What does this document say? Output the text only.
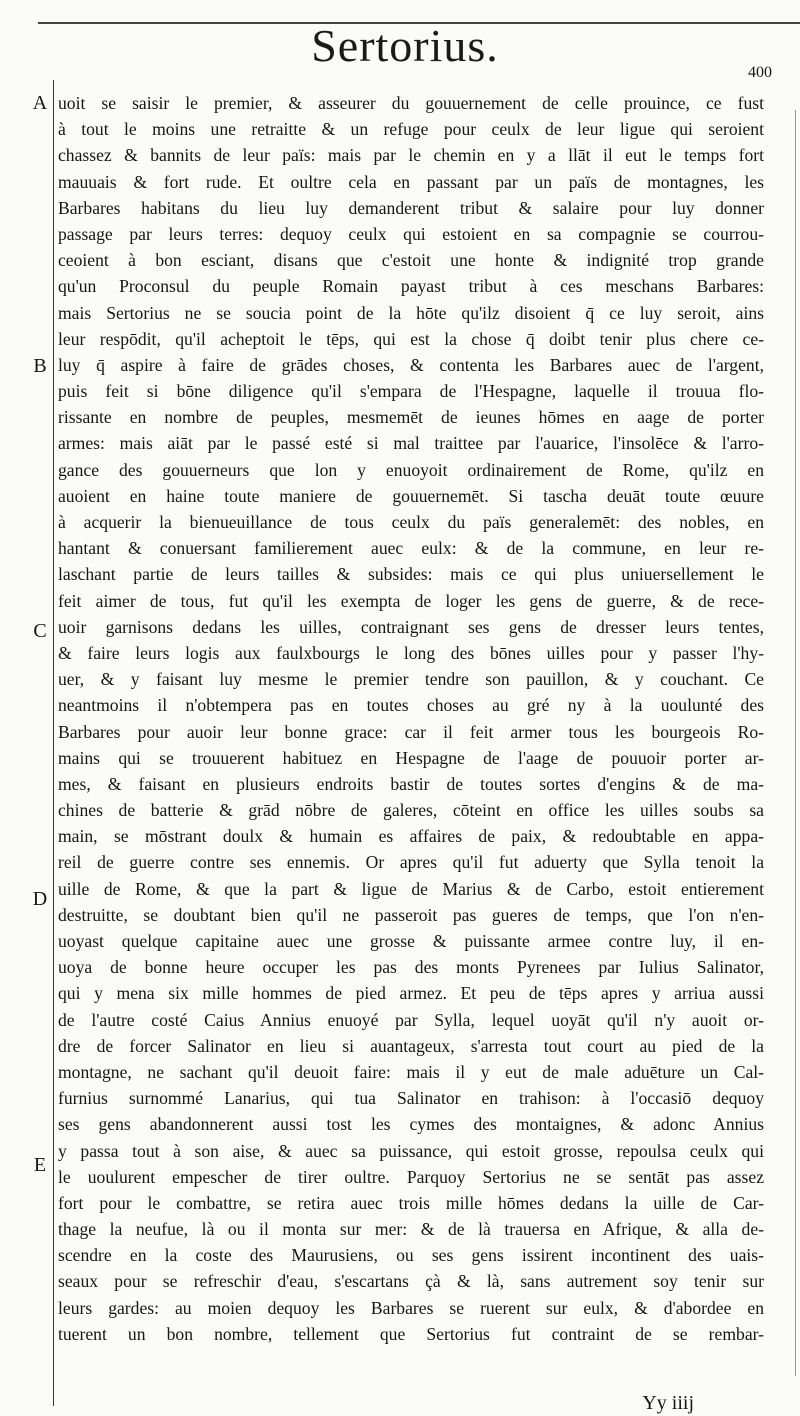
Sertorius.
400
A
B
C
D
E
uoit se saisir le premier, & asseurer du gouuernement de celle prouince, ce fust
à tout le moins une retraitte & un refuge pour ceulx de leur ligue qui seroient
chassez & bannits de leur païs: mais par le chemin en y a llāt il eut le temps fort
mauuais & fort rude. Et oultre cela en passant par un païs de montagnes, les
Barbares habitans du lieu luy demanderent tribut & salaire pour luy donner
passage par leurs terres: dequoy ceulx qui estoient en sa compagnie se courrou-
ceoient à bon esciant, disans que c'estoit une honte & indignité trop grande
qu'un Proconsul du peuple Romain payast tribut à ces meschans Barbares:
mais Sertorius ne se soucia point de la hōte qu'ilz disoient q̄ ce luy seroit, ains
leur respōdit, qu'il acheptoit le tēps, qui est la chose q̄ doibt tenir plus chere ce-
luy q̄ aspire à faire de grādes choses, & contenta les Barbares auec de l'argent,
puis feit si bōne diligence qu'il s'empara de l'Hespagne, laquelle il trouua flo-
rissante en nombre de peuples, mesmemēt de ieunes hōmes en aage de porter
armes: mais aiāt par le passé esté si mal traittee par l'auarice, l'insolēce & l'arro-
gance des gouuerneurs que lon y enuoyoit ordinairement de Rome, qu'ilz en
auoient en haine toute maniere de gouuernemēt. Si tascha deuāt toute œuure
à acquerir la bienueuillance de tous ceulx du païs generalemēt: des nobles, en
hantant & conuersant familierement auec eulx: & de la commune, en leur re-
laschant partie de leurs tailles & subsides: mais ce qui plus uniuersellement le
feit aimer de tous, fut qu'il les exempta de loger les gens de guerre, & de rece-
uoir garnisons dedans les uilles, contraignant ses gens de dresser leurs tentes,
& faire leurs logis aux faulxbourgs le long des bōnes uilles pour y passer l'hy-
uer, & y faisant luy mesme le premier tendre son pauillon, & y couchant. Ce
neantmoins il n'obtempera pas en toutes choses au gré ny à la uoulunté des
Barbares pour auoir leur bonne grace: car il feit armer tous les bourgeois Ro-
mains qui se trouuerent habituez en Hespagne de l'aage de pouuoir porter ar-
mes, & faisant en plusieurs endroits bastir de toutes sortes d'engins & de ma-
chines de batterie & grād nōbre de galeres, cōteint en office les uilles soubs sa
main, se mōstrant doulx & humain es affaires de paix, & redoubtable en appa-
reil de guerre contre ses ennemis. Or apres qu'il fut aduerty que Sylla tenoit la
uille de Rome, & que la part & ligue de Marius & de Carbo, estoit entierement
destruitte, se doubtant bien qu'il ne passeroit pas gueres de temps, que l'on n'en-
uoyast quelque capitaine auec une grosse & puissante armee contre luy, il en-
uoya de bonne heure occuper les pas des monts Pyrenees par Iulius Salinator,
qui y mena six mille hommes de pied armez. Et peu de tēps apres y arriua aussi
de l'autre costé Caius Annius enuoyé par Sylla, lequel uoyāt qu'il n'y auoit or-
dre de forcer Salinator en lieu si auantageux, s'arresta tout court au pied de la
montagne, ne sachant qu'il deuoit faire: mais il y eut de male aduēture un Cal-
furnius surnommé Lanarius, qui tua Salinator en trahison: à l'occasiō dequoy
ses gens abandonnerent aussi tost les cymes des montaignes, & adonc Annius
y passa tout à son aise, & auec sa puissance, qui estoit grosse, repoulsa ceulx qui
le uoulurent empescher de tirer oultre. Parquoy Sertorius ne se sentāt pas assez
fort pour le combattre, se retira auec trois mille hōmes dedans la uille de Car-
thage la neufue, là ou il monta sur mer: & de là trauersa en Afrique, & alla de-
scendre en la coste des Maurusiens, ou ses gens issirent incontinent des uais-
seaux pour se refreschir d'eau, s'escartans çà & là, sans autrement soy tenir sur
leurs gardes: au moien dequoy les Barbares se ruerent sur eulx, & d'abordee en
tuerent un bon nombre, tellement que Sertorius fut contraint de se rembar-
Yy iiij
